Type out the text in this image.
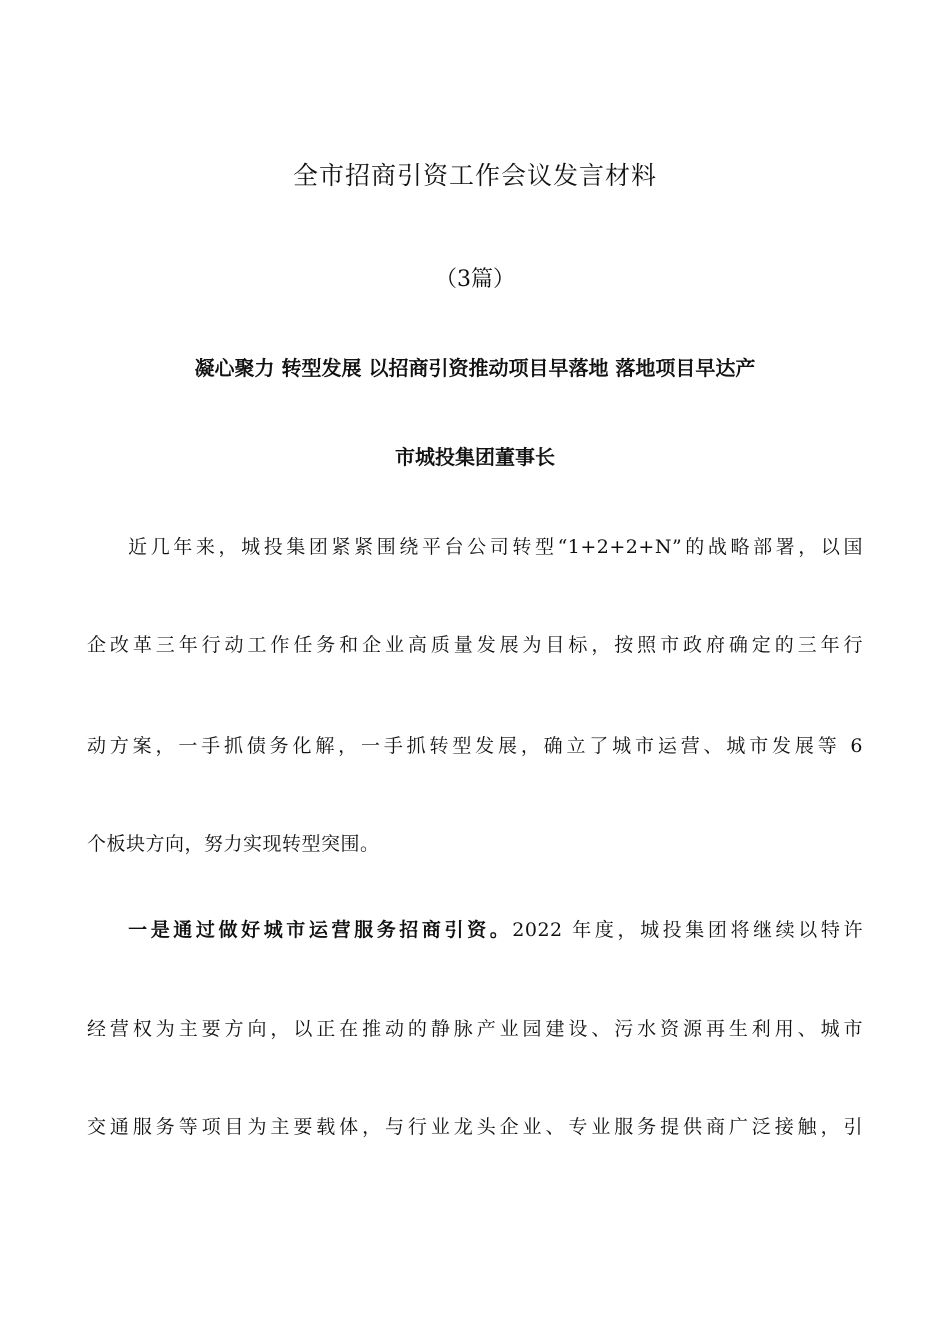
全市招商引资工作会议发言材料
（3篇）
凝心聚力 转型发展 以招商引资推动项目早落地 落地项目早达产
市城投集团董事长

近几年来，城投集团紧紧围绕平台公司转型“1+2+2+N”的战略部署，以国

企改革三年行动工作任务和企业高质量发展为目标，按照市政府确定的三年行

动方案，一手抓债务化解，一手抓转型发展，确立了城市运营、城市发展等 6

个板块方向，努力实现转型突围。

一是通过做好城市运营服务招商引资。2022 年度，城投集团将继续以特许

经营权为主要方向，以正在推动的静脉产业园建设、污水资源再生利用、城市

交通服务等项目为主要载体，与行业龙头企业、专业服务提供商广泛接触，引
